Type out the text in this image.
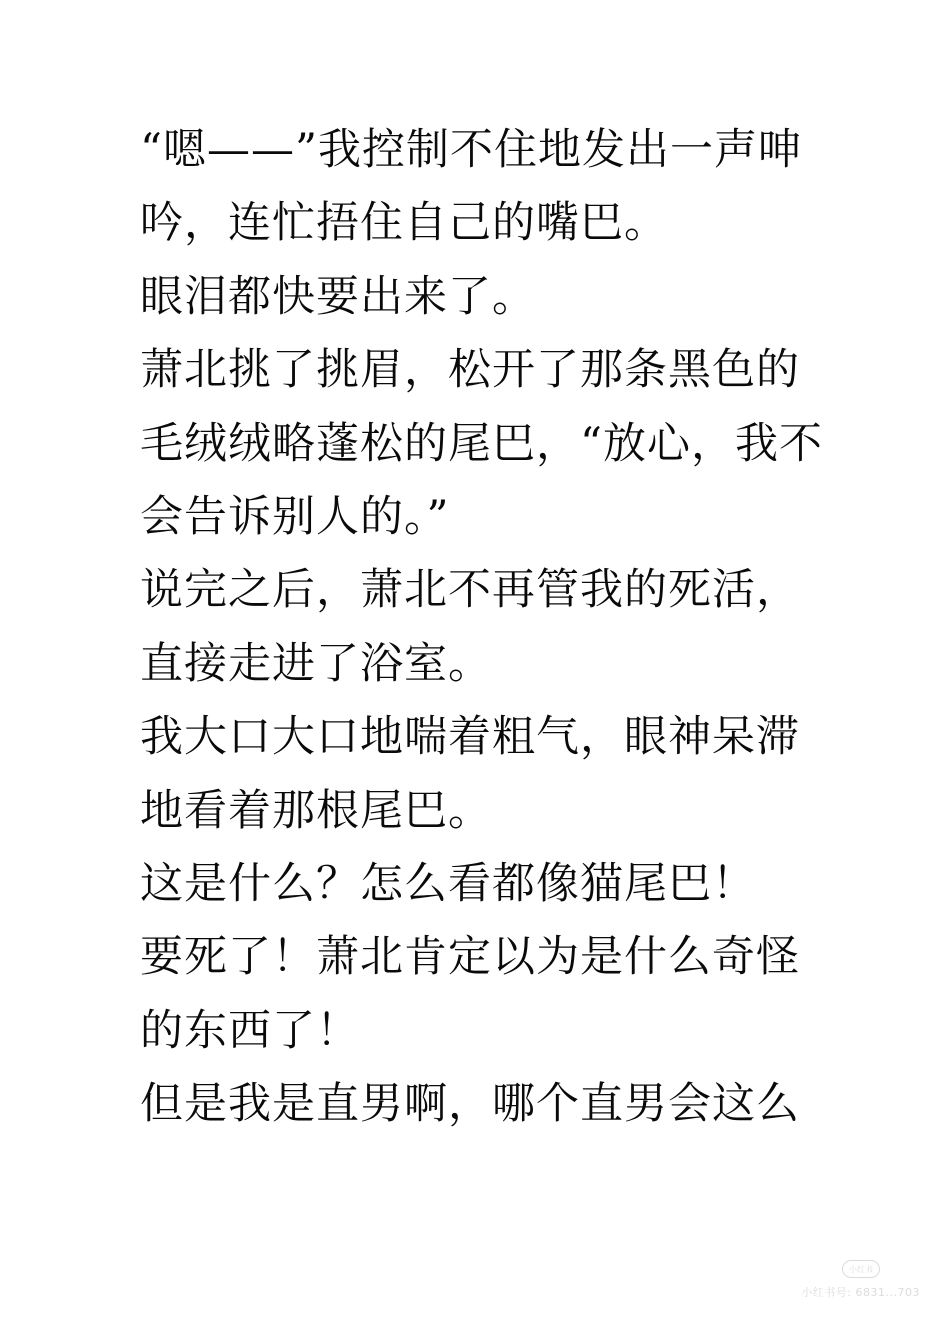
“嗯——”我控制不住地发出一声呻
吟，连忙捂住自己的嘴巴。
眼泪都快要出来了。
萧北挑了挑眉，松开了那条黑色的
毛绒绒略蓬松的尾巴，“放心，我不
会告诉别人的。”
说完之后，萧北不再管我的死活，
直接走进了浴室。
我大口大口地喘着粗气，眼神呆滞
地看着那根尾巴。
这是什么？怎么看都像猫尾巴！
要死了！萧北肯定以为是什么奇怪
的东西了！
但是我是直男啊，哪个直男会这么
小红书
小红书号: 6831...703
